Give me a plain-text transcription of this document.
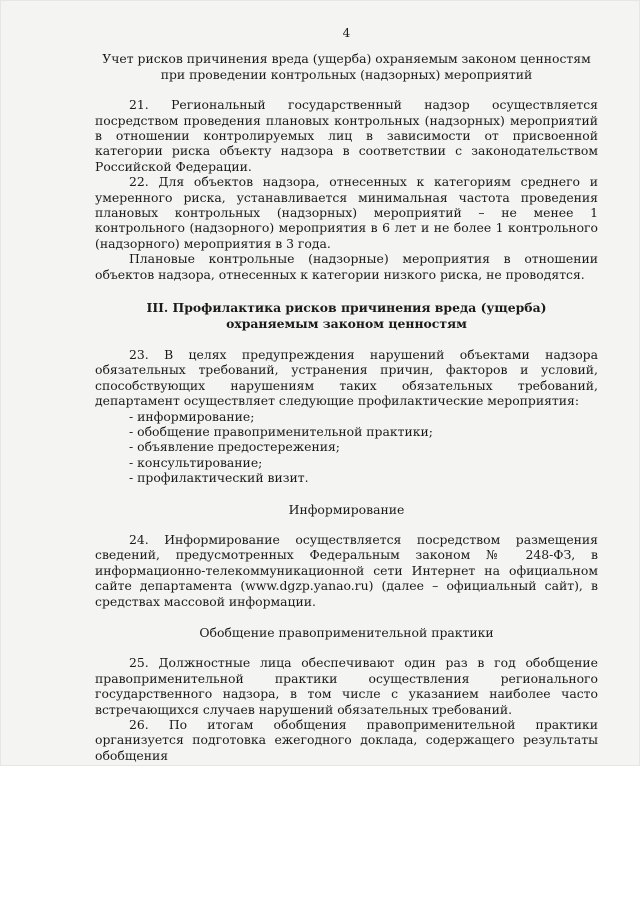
4
Учет рисков причинения вреда (ущерба) охраняемым законом ценностям
при проведении контрольных (надзорных) мероприятий

21. Региональный государственный надзор осуществляется посредством проведения плановых контрольных (надзорных) мероприятий в отношении контролируемых лиц в зависимости от присвоенной категории риска объекту надзора в соответствии с законодательством Российской Федерации.

22. Для объектов надзора, отнесенных к категориям среднего и умеренного риска, устанавливается минимальная частота проведения плановых контрольных (надзорных) мероприятий – не менее 1 контрольного (надзорного) мероприятия в 6 лет и не более 1 контрольного (надзорного) мероприятия в 3 года.

Плановые контрольные (надзорные) мероприятия в отношении объектов надзора, отнесенных к категории низкого риска, не проводятся.

III. Профилактика рисков причинения вреда (ущерба)
охраняемым законом ценностям

23. В целях предупреждения нарушений объектами надзора обязательных требований, устранения причин, факторов и условий, способствующих нарушениям таких обязательных требований, департамент осуществляет следующие профилактические мероприятия:

- информирование;
- обобщение правоприменительной практики;
- объявление предостережения;
- консультирование;
- профилактический визит.
Информирование

24. Информирование осуществляется посредством размещения сведений, предусмотренных Федеральным законом № 248-ФЗ, в информационно-телекоммуникационной сети Интернет на официальном сайте департамента (www.dgzp.yanao.ru) (далее – официальный сайт), в средствах массовой информации.

Обобщение правоприменительной практики

25. Должностные лица обеспечивают один раз в год обобщение правоприменительной практики осуществления регионального государственного надзора, в том числе с указанием наиболее часто встречающихся случаев нарушений обязательных требований.

26. По итогам обобщения правоприменительной практики организуется подготовка ежегодного доклада, содержащего результаты обобщения
